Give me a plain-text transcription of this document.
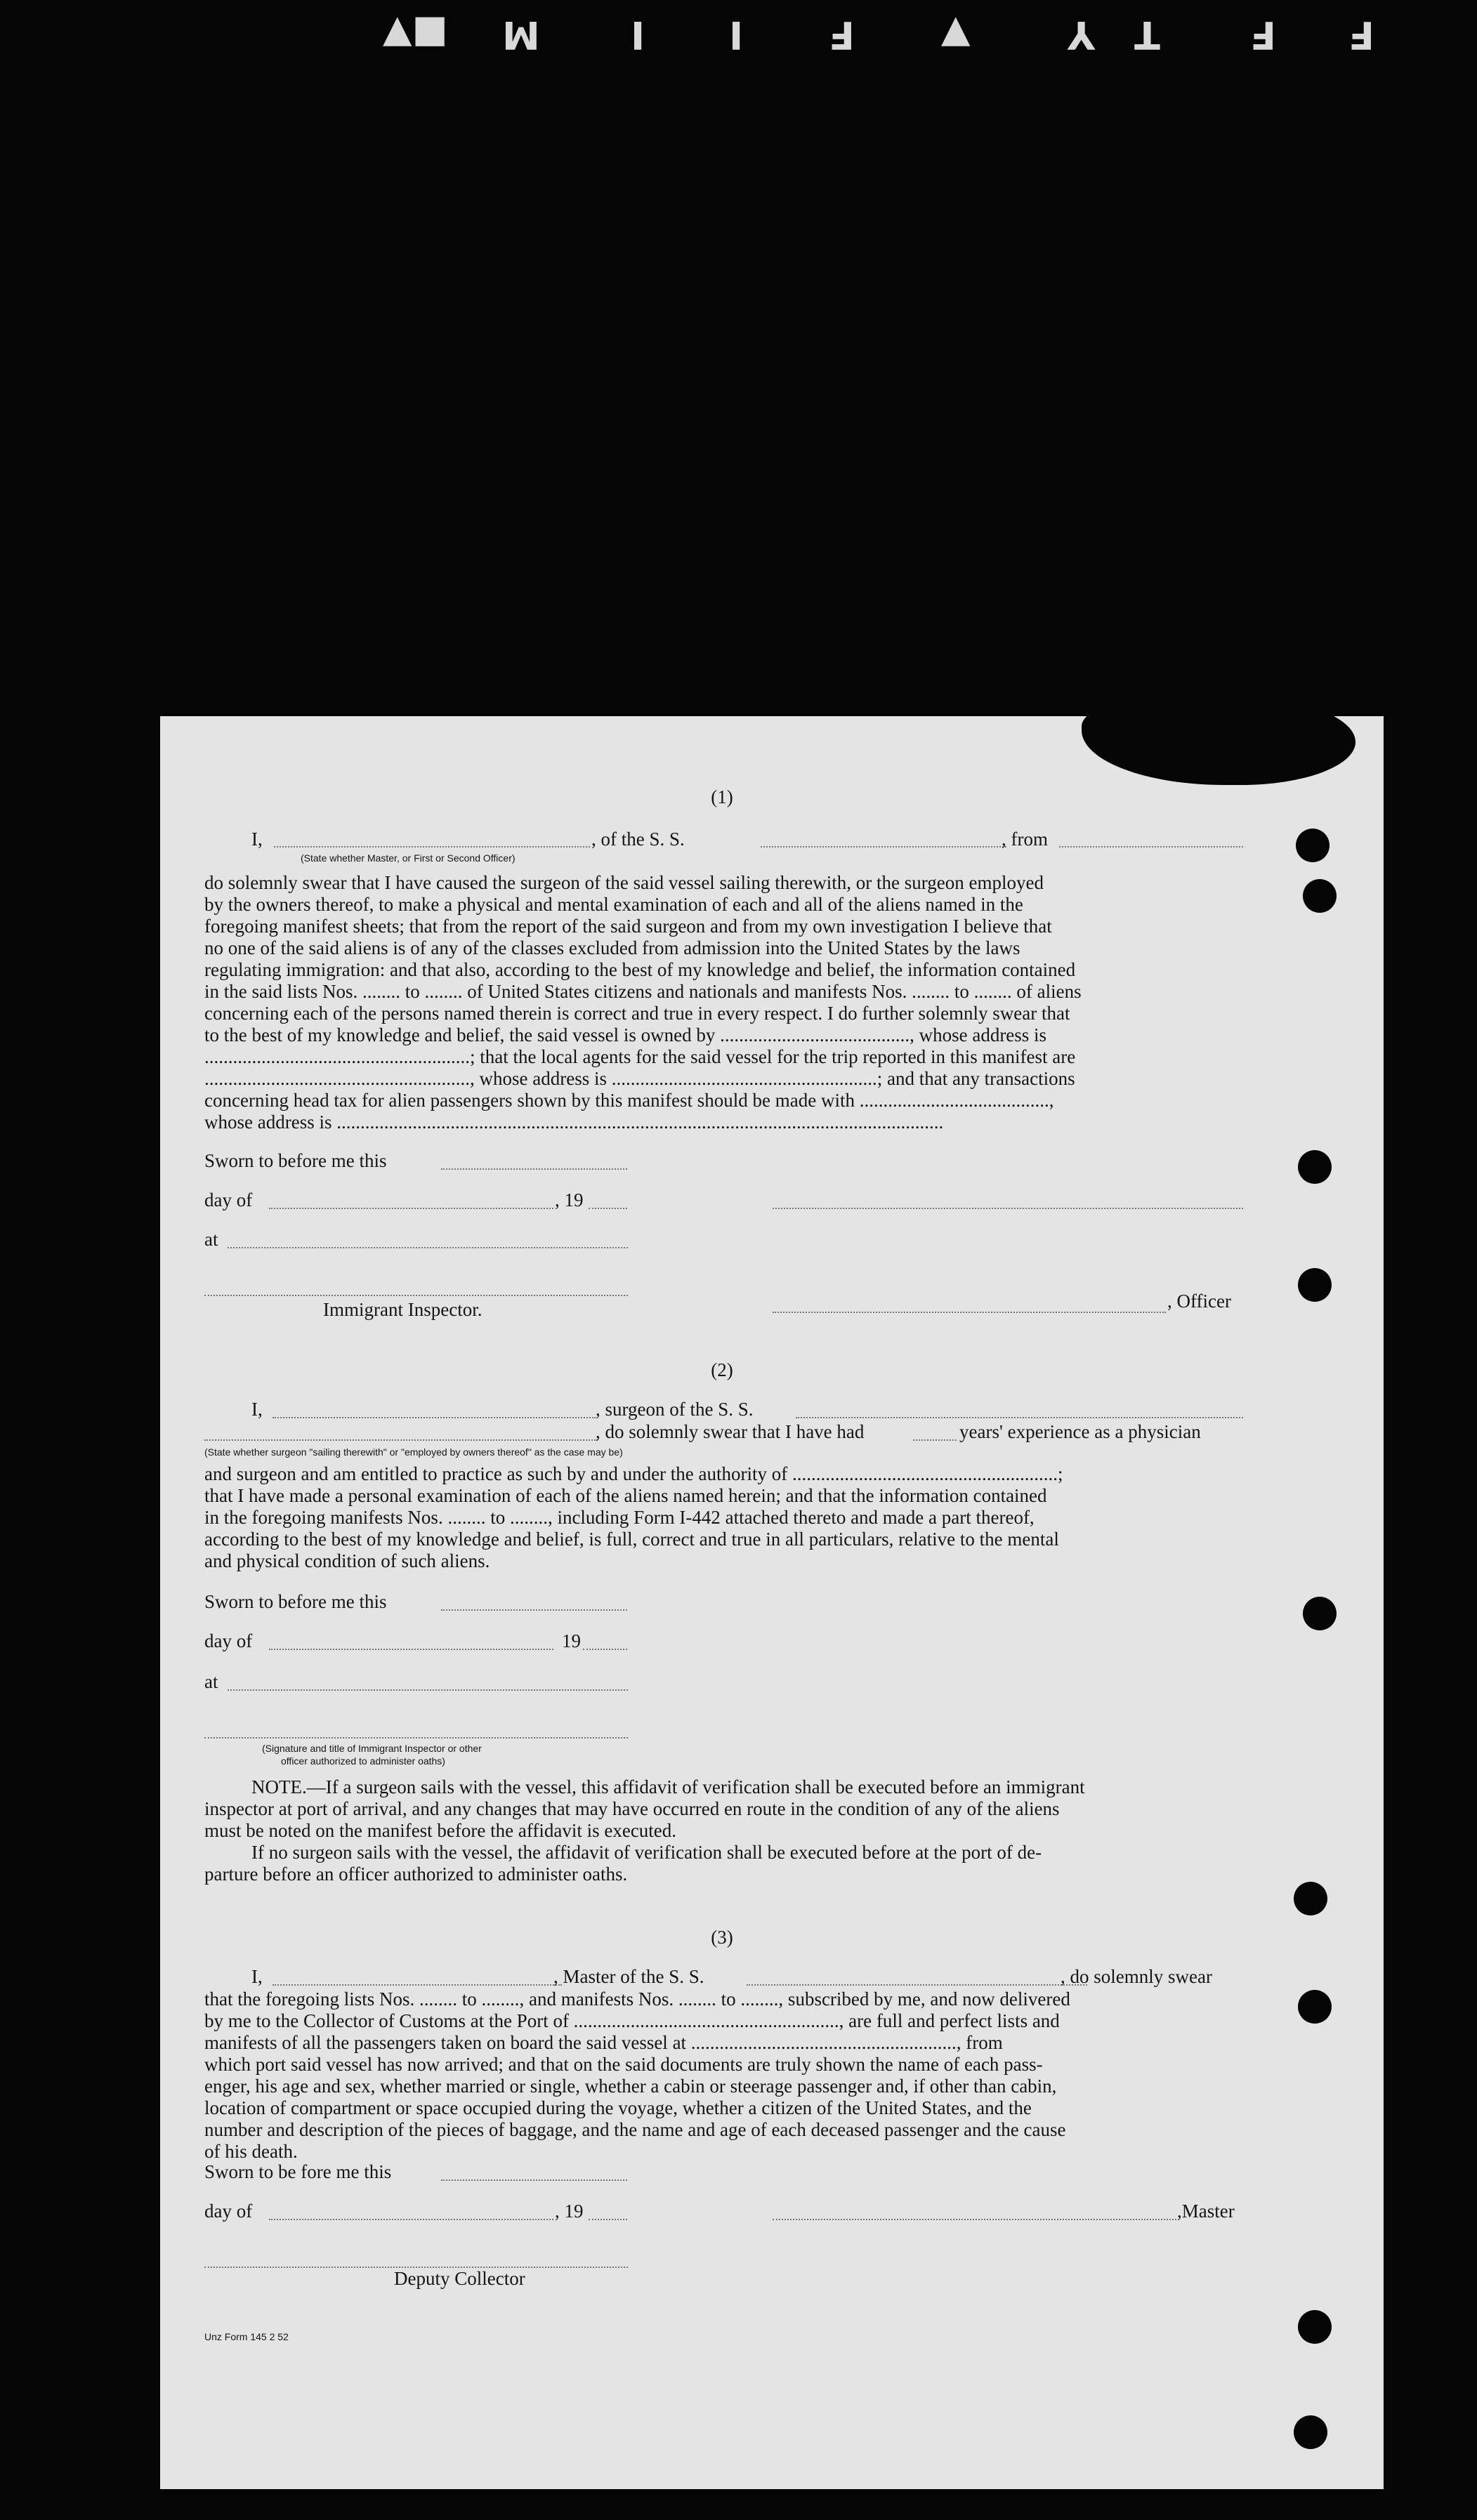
■▼ M I I F ▼	Y T F F
(1)
I,	, of the S. S.	, from
(State whether Master, or First or Second Officer)
do solemnly swear that I have caused the surgeon of the said vessel sailing therewith, or the surgeon employed
by the owners thereof, to make a physical and mental examination of each and all of the aliens named in the
foregoing manifest sheets; that from the report of the said surgeon and from my own investigation I believe that
no one of the said aliens is of any of the classes excluded from admission into the United States by the laws
regulating immigration: and that also, according to the best of my knowledge and belief, the information contained
in the said lists Nos. ........ to ........ of United States citizens and nationals and manifests Nos. ........ to ........ of aliens
concerning each of the persons named therein is correct and true in every respect. I do further solemnly swear that
to the best of my knowledge and belief, the said vessel is owned by ........................................, whose address is
........................................................; that the local agents for the said vessel for the trip reported in this manifest are
........................................................, whose address is ........................................................; and that any transactions
concerning head tax for alien passengers shown by this manifest should be made with ........................................,
whose address is ................................................................................................................................
Sworn to before me this
day of	, 19
at
Immigrant Inspector.	, Officer
(2)
I,	, surgeon of the S. S.
, do solemnly swear that I have had	years' experience as a physician
(State whether surgeon "sailing therewith" or "employed by owners thereof" as the case may be)
and surgeon and am entitled to practice as such by and under the authority of ........................................................;
that I have made a personal examination of each of the aliens named herein; and that the information contained
in the foregoing manifests Nos. ........ to ........, including Form I-442 attached thereto and made a part thereof,
according to the best of my knowledge and belief, is full, correct and true in all particulars, relative to the mental
and physical condition of such aliens.
Sworn to before me this
day of	19
at
(Signature and title of Immigrant Inspector or other
officer authorized to administer oaths)
NOTE.—If a surgeon sails with the vessel, this affidavit of verification shall be executed before an immigrant
inspector at port of arrival, and any changes that may have occurred en route in the condition of any of the aliens
must be noted on the manifest before the affidavit is executed.
If no surgeon sails with the vessel, the affidavit of verification shall be executed before at the port of de-
parture before an officer authorized to administer oaths.
(3)
I,	, Master of the S. S.	, do solemnly swear
that the foregoing lists Nos. ........ to ........, and manifests Nos. ........ to ........, subscribed by me, and now delivered
by me to the Collector of Customs at the Port of ........................................................, are full and perfect lists and
manifests of all the passengers taken on board the said vessel at ........................................................, from
which port said vessel has now arrived; and that on the said documents are truly shown the name of each pass-
enger, his age and sex, whether married or single, whether a cabin or steerage passenger and, if other than cabin,
location of compartment or space occupied during the voyage, whether a citizen of the United States, and the
number and description of the pieces of baggage, and the name and age of each deceased passenger and the cause
of his death.
Sworn to be fore me this
day of	, 19	,Master
Deputy Collector
Unz Form 145 2 52
